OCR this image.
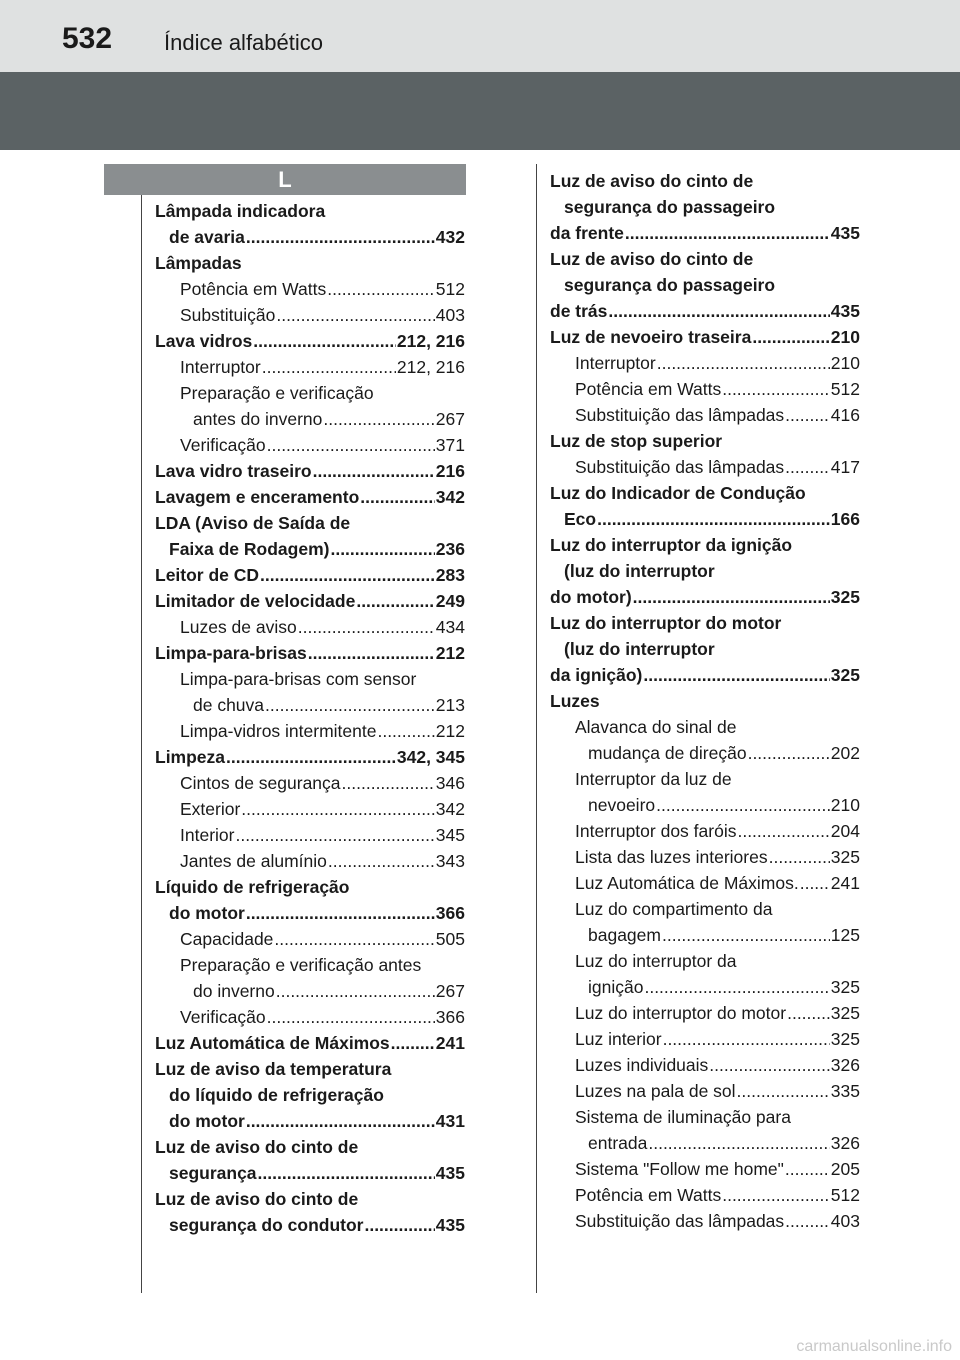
532 Índice alfabético
L
Lâmpada indicadora
de avaria .....	432
Lâmpadas
Potência em Watts .....	512
Substituição .....	403
Lava vidros .....	212, 216
Interruptor .....	212, 216
Preparação e verificação
antes do inverno .....	267
Verificação .....	371
Lava vidro traseiro .....	216
Lavagem e enceramento .....	342
LDA (Aviso de Saída de
Faixa de Rodagem) .....	236
Leitor de CD .....	283
Limitador de velocidade .....	249
Luzes de aviso .....	434
Limpa-para-brisas .....	212
Limpa-para-brisas com sensor
de chuva .....	213
Limpa-vidros intermitente .....	212
Limpeza .....	342, 345
Cintos de segurança .....	346
Exterior .....	342
Interior .....	345
Jantes de alumínio .....	343
Líquido de refrigeração
do motor .....	366
Capacidade .....	505
Preparação e verificação antes
do inverno .....	267
Verificação .....	366
Luz Automática de Máximos .....	241
Luz de aviso da temperatura
do líquido de refrigeração
do motor .....	431
Luz de aviso do cinto de
segurança .....	435
Luz de aviso do cinto de
segurança do condutor .....	435
Luz de aviso do cinto de
segurança do passageiro
da frente .....	435
Luz de aviso do cinto de
segurança do passageiro
de trás .....	435
Luz de nevoeiro traseira .....	210
Interruptor .....	210
Potência em Watts .....	512
Substituição das lâmpadas .....	416
Luz de stop superior
Substituição das lâmpadas .....	417
Luz do Indicador de Condução
Eco .....	166
Luz do interruptor da ignição
(luz do interruptor
do motor) .....	325
Luz do interruptor do motor
(luz do interruptor
da ignição) .....	325
Luzes
Alavanca do sinal de
mudança de direção .....	202
Interruptor da luz de
nevoeiro .....	210
Interruptor dos faróis .....	204
Lista das luzes interiores .....	325
Luz Automática de Máximos. ..... 241
Luz do compartimento da
bagagem .....	125
Luz do interruptor da
ignição .....	325
Luz do interruptor do motor .....	325
Luz interior .....	325
Luzes individuais .....	326
Luzes na pala de sol .....	335
Sistema de iluminação para
entrada .....	326
Sistema "Follow me home" .....	205
Potência em Watts .....	512
Substituição das lâmpadas .....	403
carmanualsonline.info
